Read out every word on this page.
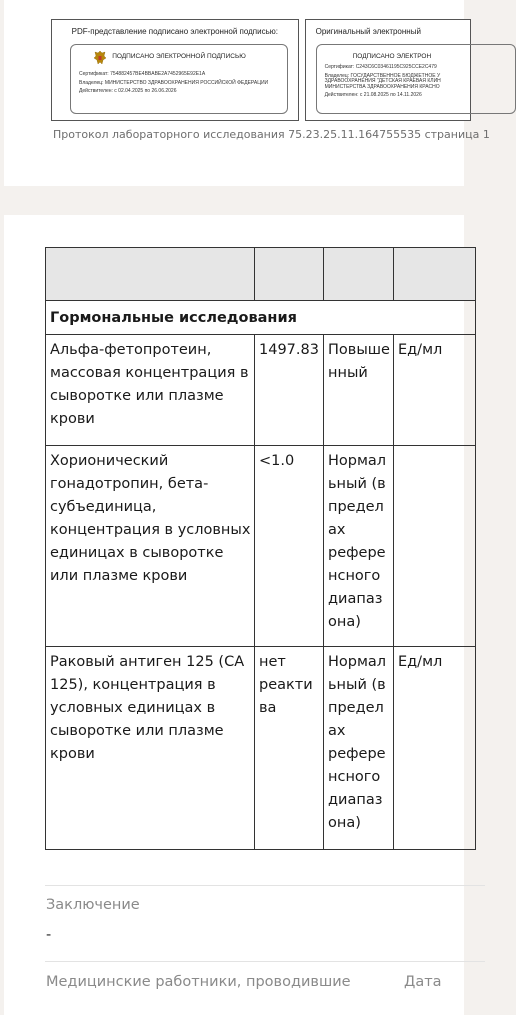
PDF-представление подписано электронной подписью:
ПОДПИСАНО ЭЛЕКТРОННОЙ ПОДПИСЬЮ
Сертификат: 754882457BE4BBABE2A7452965E92E1A
Владелец: МИНИСТЕРСТВО ЗДРАВООХРАНЕНИЯ РОССИЙСКОЙ ФЕДЕРАЦИИ
Действителен: с 02.04.2025 по 26.06.2026
Оригинальный электронный
ПОДПИСАНО ЭЛЕКТРОН
Сертификат: C243C6C03461195C925CCE2C479
Владелец: ГОСУДАРСТВЕННОЕ БЮДЖЕТНОЕ У
ЗДРАВООХРАНЕНИЯ "ДЕТСКАЯ КРАЕВАЯ КЛИН
МИНИСТЕРСТВА ЗДРАВООХРАНЕНИЯ КРАСНО
Действителен: с 21.08.2025 по 14.11.2026
Протокол лабораторного исследования 75.23.25.11.164755535 страница 1

Гормональные исследования			
Альфа-фетопротеин, массовая концентрация в сыворотке или плазме крови	1497.83	Повышенный	Ед/мл
Хорионический гонадотропин, бета-субъединица, концентрация в условных единицах в сыворотке или плазме крови	<1.0	Нормальный (в пределах референсного диапазона)	
Раковый антиген 125 (СА 125), концентрация в условных единицах в сыворотке или плазме крови	нет реактива	Нормальный (в пределах референсного диапазона)	Ед/мл
Заключение
-
Медицинские работники, проводившие	Дата
